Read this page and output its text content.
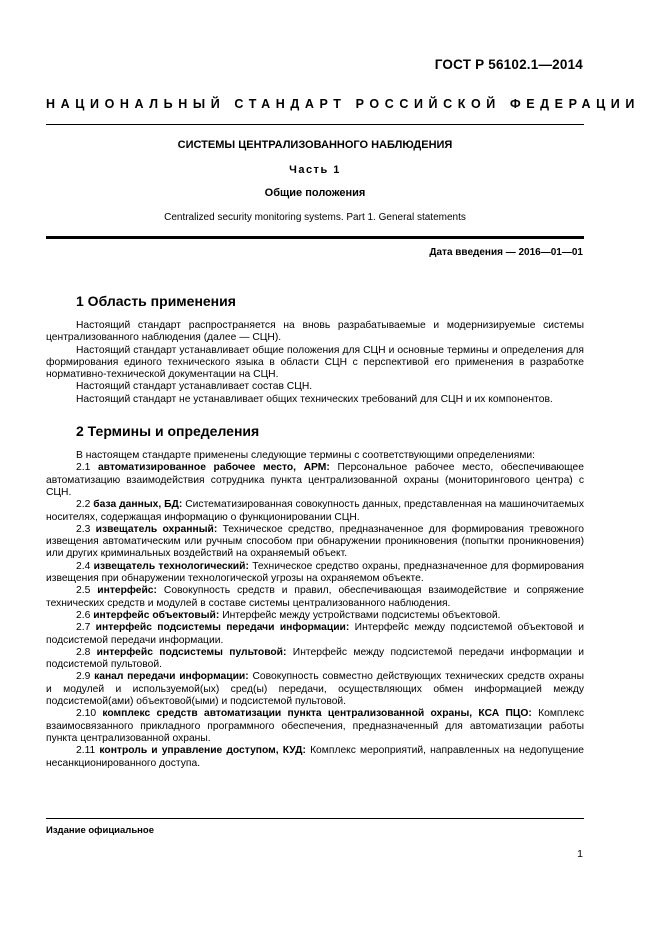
ГОСТ Р 56102.1—2014
НАЦИОНАЛЬНЫЙ СТАНДАРТ РОССИЙСКОЙ ФЕДЕРАЦИИ
СИСТЕМЫ ЦЕНТРАЛИЗОВАННОГО НАБЛЮДЕНИЯ
Часть 1
Общие положения
Centralized security monitoring systems. Part 1. General statements
Дата введения — 2016—01—01
1 Область применения

Настоящий стандарт распространяется на вновь разрабатываемые и модернизируемые системы централизованного наблюдения (далее — СЦН).

Настоящий стандарт устанавливает общие положения для СЦН и основные термины и определения для формирования единого технического языка в области СЦН с перспективой его применения в разработке нормативно-технической документации на СЦН.

Настоящий стандарт устанавливает состав СЦН.

Настоящий стандарт не устанавливает общих технических требований для СЦН и их компонентов.

2 Термины и определения

В настоящем стандарте применены следующие термины с соответствующими определениями:

2.1 автоматизированное рабочее место, АРМ: Персональное рабочее место, обеспечивающее автоматизацию взаимодействия сотрудника пункта централизованной охраны (мониторингового центра) с СЦН.

2.2 база данных, БД: Систематизированная совокупность данных, представленная на машиночитаемых носителях, содержащая информацию о функционировании СЦН.

2.3 извещатель охранный: Техническое средство, предназначенное для формирования тревожного извещения автоматическим или ручным способом при обнаружении проникновения (попытки проникновения) или других криминальных воздействий на охраняемый объект.

2.4 извещатель технологический: Техническое средство охраны, предназначенное для формирования извещения при обнаружении технологической угрозы на охраняемом объекте.

2.5 интерфейс: Совокупность средств и правил, обеспечивающая взаимодействие и сопряжение технических средств и модулей в составе системы централизованного наблюдения.

2.6 интерфейс объектовый: Интерфейс между устройствами подсистемы объектовой.

2.7 интерфейс подсистемы передачи информации: Интерфейс между подсистемой объектовой и подсистемой передачи информации.

2.8 интерфейс подсистемы пультовой: Интерфейс между подсистемой передачи информации и подсистемой пультовой.

2.9 канал передачи информации: Совокупность совместно действующих технических средств охраны и модулей и используемой(ых) сред(ы) передачи, осуществляющих обмен информацией между подсистемой(ами) объектовой(ыми) и подсистемой пультовой.

2.10 комплекс средств автоматизации пункта централизованной охраны, КСА ПЦО: Комплекс взаимосвязанного прикладного программного обеспечения, предназначенный для автоматизации работы пункта централизованной охраны.

2.11 контроль и управление доступом, КУД: Комплекс мероприятий, направленных на недопущение несанкционированного доступа.

Издание официальное
1
